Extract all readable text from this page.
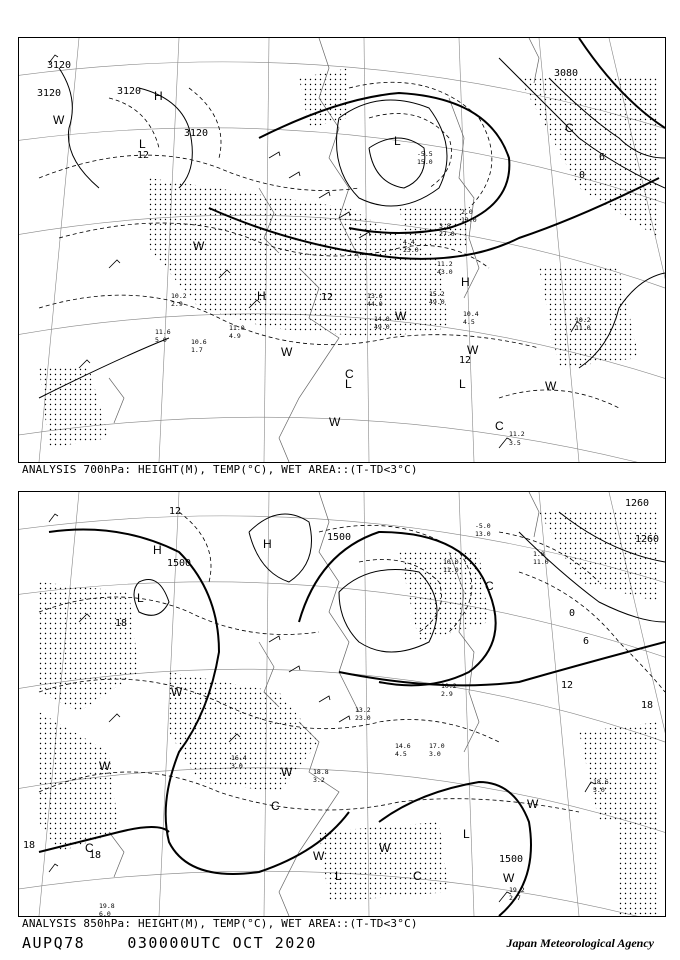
3120
3120	3120
3120
3080
12
12
12
0
6
H
L
H
H
L	L
L
W
W
W
W
W
W
W
C
C
C
11.2
3.5
10.2
11.0
10.4
4.5
15.2
49.0
14.0
49.0
13.6
44.0
11.2
43.0
11.0
4.9
11.6
5.0
10.2
2.9
10.6
1.7
4.4
23.0
3.8
27.0
2.0
13.0
-5.5
15.0
ANALYSIS 700hPa: HEIGHT(M), TEMP(°C), WET AREA::(T-TD<3°C)
1500
1500
1260
1260
1500
18
18
18
18
12
12
6
0
H	H
L
L
L
W
W	W
W
W
W
W
C
C
C
C
19.2
2.7
18.6
5.0
19.8
6.0
14.6
4.5
17.0
3.0
13.2
23.0
10.2
2.9
18.8
3.2
16.4
3.0
10.0
11.0
1.8
11.0
-5.0
13.0
ANALYSIS 850hPa: HEIGHT(M), TEMP(°C), WET AREA::(T-TD<3°C)
AUPQ78	030000UTC OCT 2020	Japan Meteorological Agency
